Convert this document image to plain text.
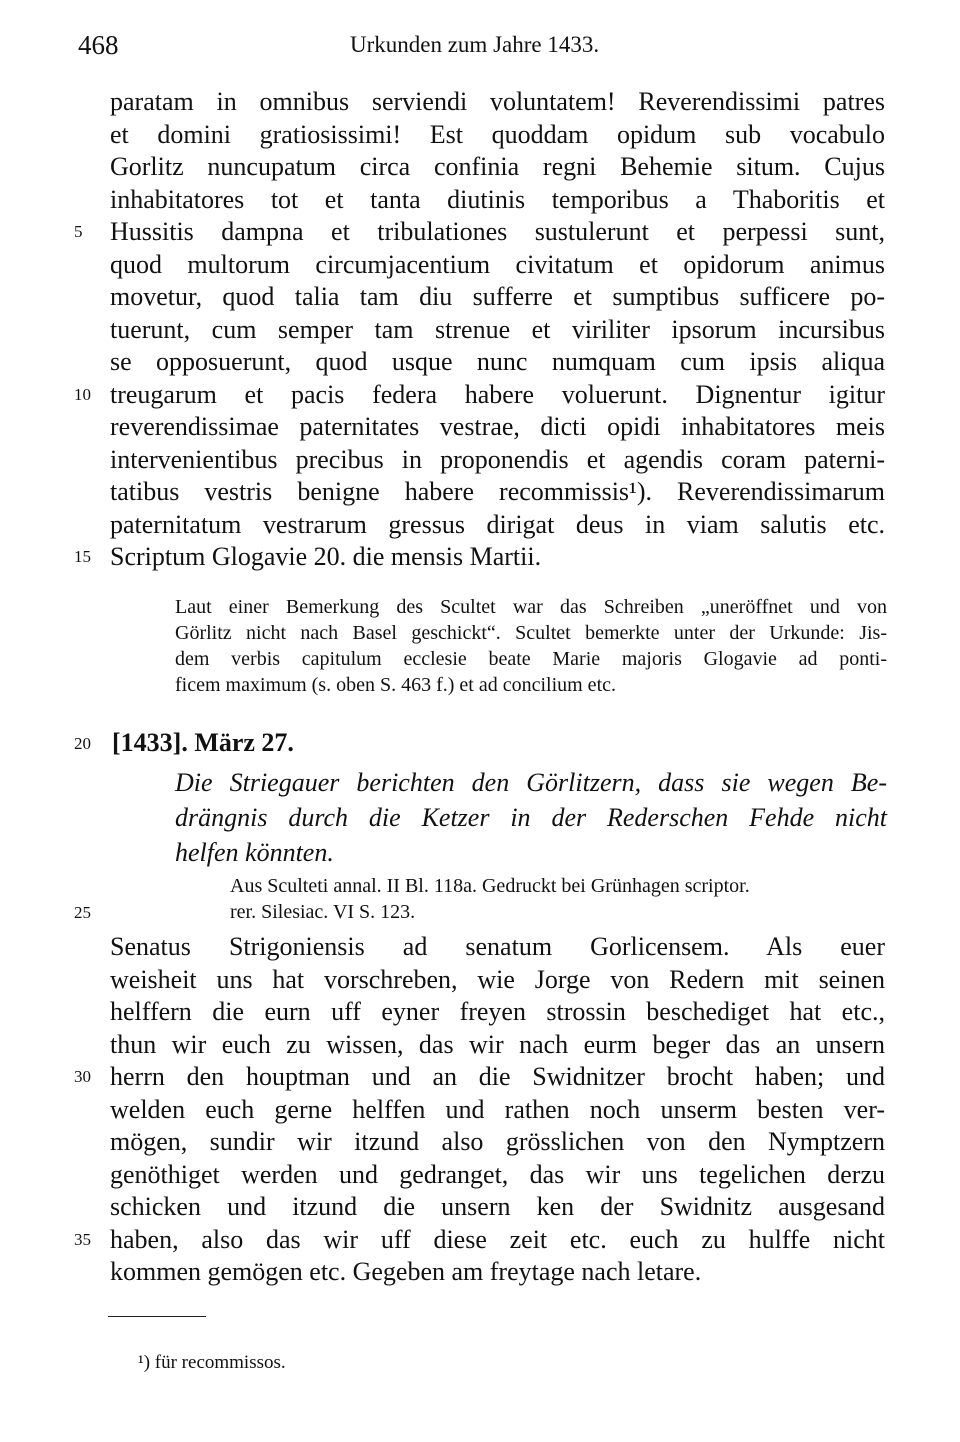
468	Urkunden zum Jahre 1433.
paratam in omnibus serviendi voluntatem! Reverendissimi patres
et domini gratiosissimi! Est quoddam opidum sub vocabulo
Gorlitz nuncupatum circa confinia regni Behemie situm. Cujus
inhabitatores tot et tanta diutinis temporibus a Thaboritis et
Hussitis dampna et tribulationes sustulerunt et perpessi sunt,
5
quod multorum circumjacentium civitatum et opidorum animus
movetur, quod talia tam diu sufferre et sumptibus sufficere po-
tuerunt, cum semper tam strenue et viriliter ipsorum incursibus
se opposuerunt, quod usque nunc numquam cum ipsis aliqua
treugarum et pacis federa habere voluerunt. Dignentur igitur
10
reverendissimae paternitates vestrae, dicti opidi inhabitatores meis
intervenientibus precibus in proponendis et agendis coram paterni-
tatibus vestris benigne habere recommissis¹). Reverendissimarum
paternitatum vestrarum gressus dirigat deus in viam salutis etc.
Scriptum Glogavie 20. die mensis Martii.
15
Laut einer Bemerkung des Scultet war das Schreiben „uneröffnet und von
Görlitz nicht nach Basel geschickt“. Scultet bemerkte unter der Urkunde: Jis-
dem verbis capitulum ecclesie beate Marie majoris Glogavie ad ponti-
ficem maximum (s. oben S. 463 f.) et ad concilium etc.
20 [1433]. März 27.
Die Striegauer berichten den Görlitzern, dass sie wegen Be-
drängnis durch die Ketzer in der Rederschen Fehde nicht
helfen könnten.
Aus Sculteti annal. II Bl. 118a. Gedruckt bei Grünhagen scriptor.
rer. Silesiac. VI S. 123.
25
Senatus Strigoniensis ad senatum Gorlicensem. Als euer
weisheit uns hat vorschreben, wie Jorge von Redern mit seinen
helffern die eurn uff eyner freyen strossin beschediget hat etc.,
thun wir euch zu wissen, das wir nach eurm beger das an unsern
herrn den houptman und an die Swidnitzer brocht haben; und
30
welden euch gerne helffen und rathen noch unserm besten ver-
mögen, sundir wir itzund also grösslichen von den Nymptzern
genöthiget werden und gedranget, das wir uns tegelichen derzu
schicken und itzund die unsern ken der Swidnitz ausgesand
haben, also das wir uff diese zeit etc. euch zu hulffe nicht
35
kommen gemögen etc. Gegeben am freytage nach letare.
¹) für recommissos.
